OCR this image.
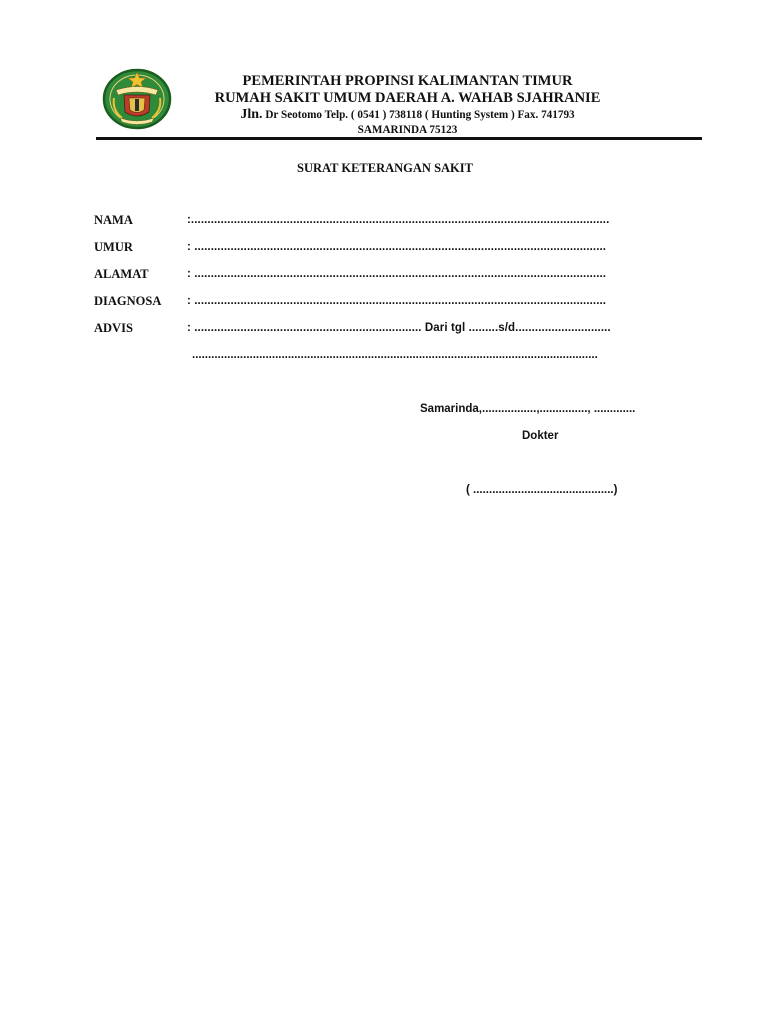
PEMERINTAH PROPINSI KALIMANTAN TIMUR
RUMAH SAKIT UMUM DAERAH A. WAHAB SJAHRANIE
Jln. Dr Seotomo Telp. ( 0541 ) 738118 ( Hunting System ) Fax. 741793
SAMARINDA 75123
SURAT KETERANGAN SAKIT
NAMA	:...............................................................................................................................
UMUR	: .............................................................................................................................
ALAMAT	: .............................................................................................................................
DIAGNOSA : .............................................................................................................................
ADVIS	: ..................................................................... Dari tgl .........s/d.............................
...............................................................................................................................
Samarinda,.................,..............., .............
Dokter
( ............................................)
